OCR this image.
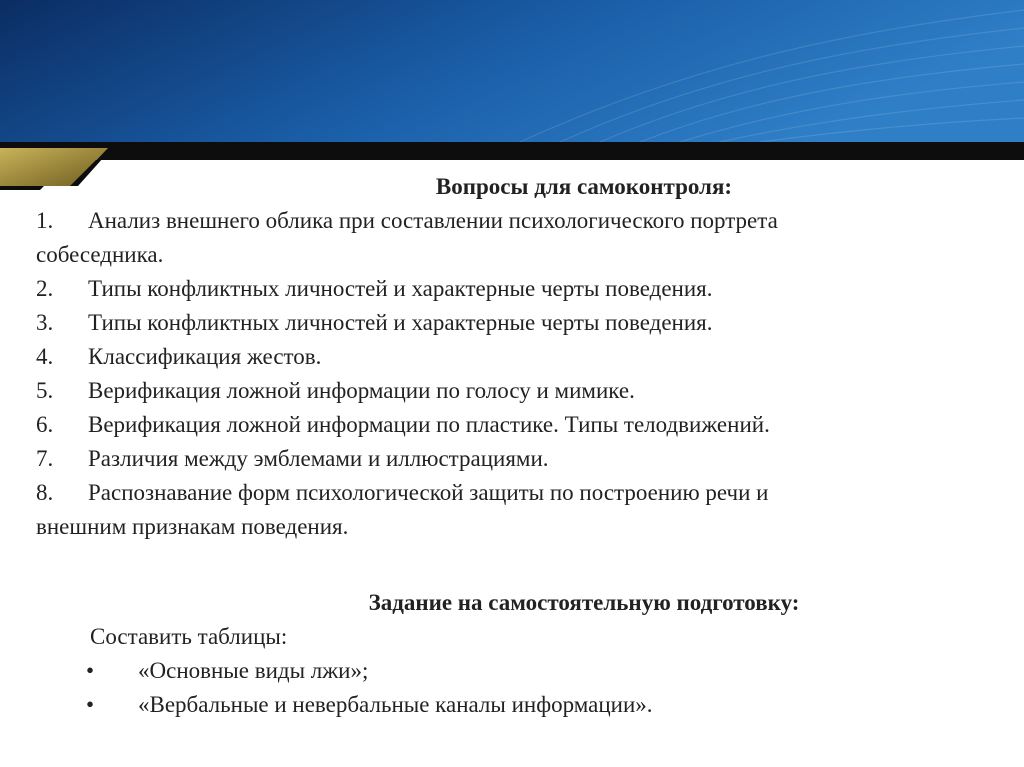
Вопросы для самоконтроля:

1. Анализ внешнего облика при составлении психологического портрета
собеседника.

2. Типы конфликтных личностей и характерные черты поведения.

3. Типы конфликтных личностей и характерные черты поведения.

4. Классификация жестов.

5. Верификация ложной информации по голосу и мимике.

6. Верификация ложной информации по пластике. Типы телодвижений.

7. Различия между эмблемами и иллюстрациями.

8. Распознавание форм психологической защиты по построению речи и
внешним признакам поведения.

Задание на самостоятельную подготовку:

Составить таблицы:

• «Основные виды лжи»;

• «Вербальные и невербальные каналы информации».
